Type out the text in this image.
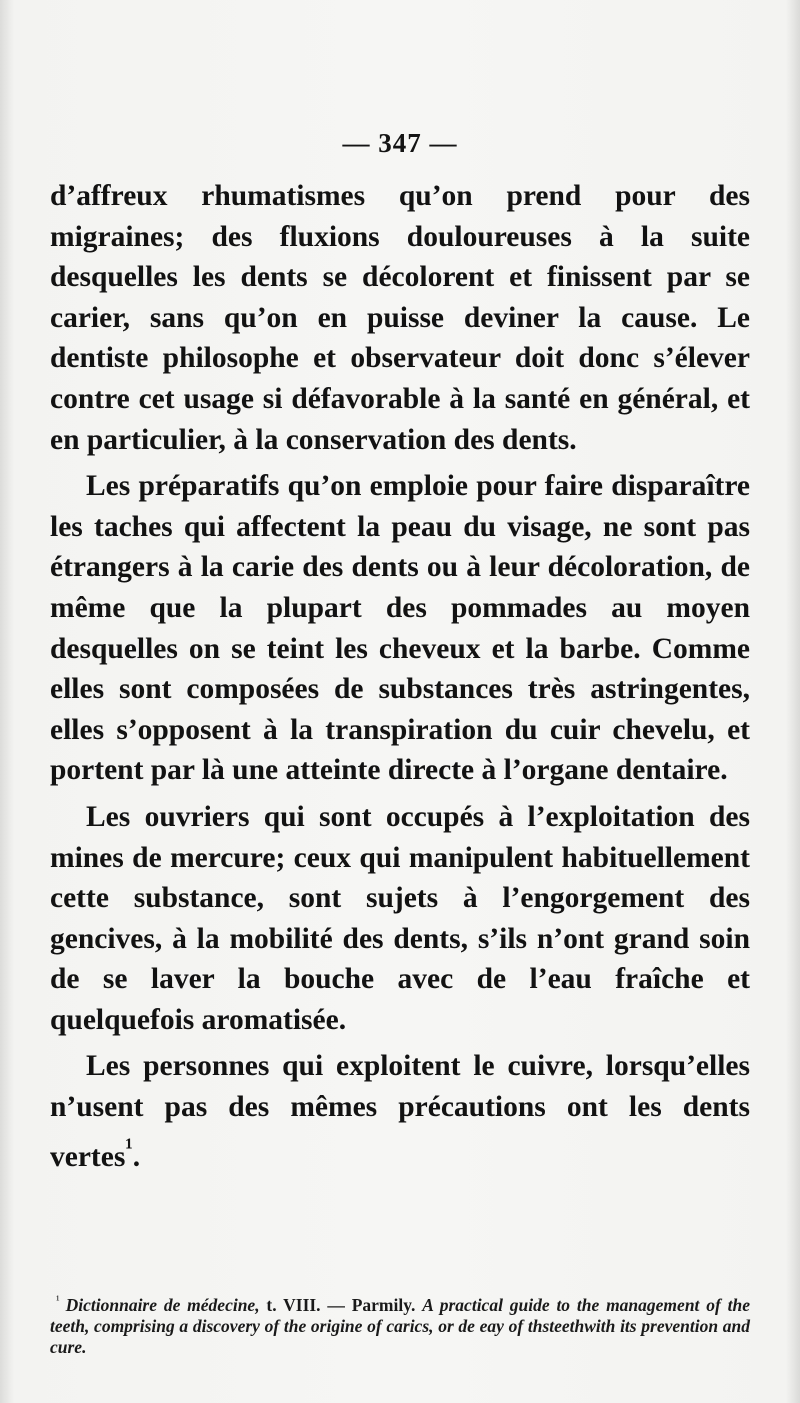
— 347 —

d’affreux rhumatismes qu’on prend pour des migraines; des fluxions douloureuses à la suite desquelles les dents se décolorent et finissent par se carier, sans qu’on en puisse deviner la cause. Le dentiste philosophe et observateur doit donc s’élever contre cet usage si défavorable à la santé en général, et en particulier, à la conservation des dents.

Les préparatifs qu’on emploie pour faire disparaître les taches qui affectent la peau du visage, ne sont pas étrangers à la carie des dents ou à leur décoloration, de même que la plupart des pommades au moyen desquelles on se teint les cheveux et la barbe. Comme elles sont composées de substances très astringentes, elles s’opposent à la transpiration du cuir chevelu, et portent par là une atteinte directe à l’organe dentaire.

Les ouvriers qui sont occupés à l’exploitation des mines de mercure; ceux qui manipulent habituellement cette substance, sont sujets à l’engorgement des gencives, à la mobilité des dents, s’ils n’ont grand soin de se laver la bouche avec de l’eau fraîche et quelquefois aromatisée.

Les personnes qui exploitent le cuivre, lorsqu’elles n’usent pas des mêmes précautions ont les dents vertes$^{^1}$.

$^{^1}$ Dictionnaire de médecine, t. VIII. — Parmily. A practical guide to the management of the teeth, comprising a discovery of the origine of carics, or de eay of thsteethwith its prevention and cure.
